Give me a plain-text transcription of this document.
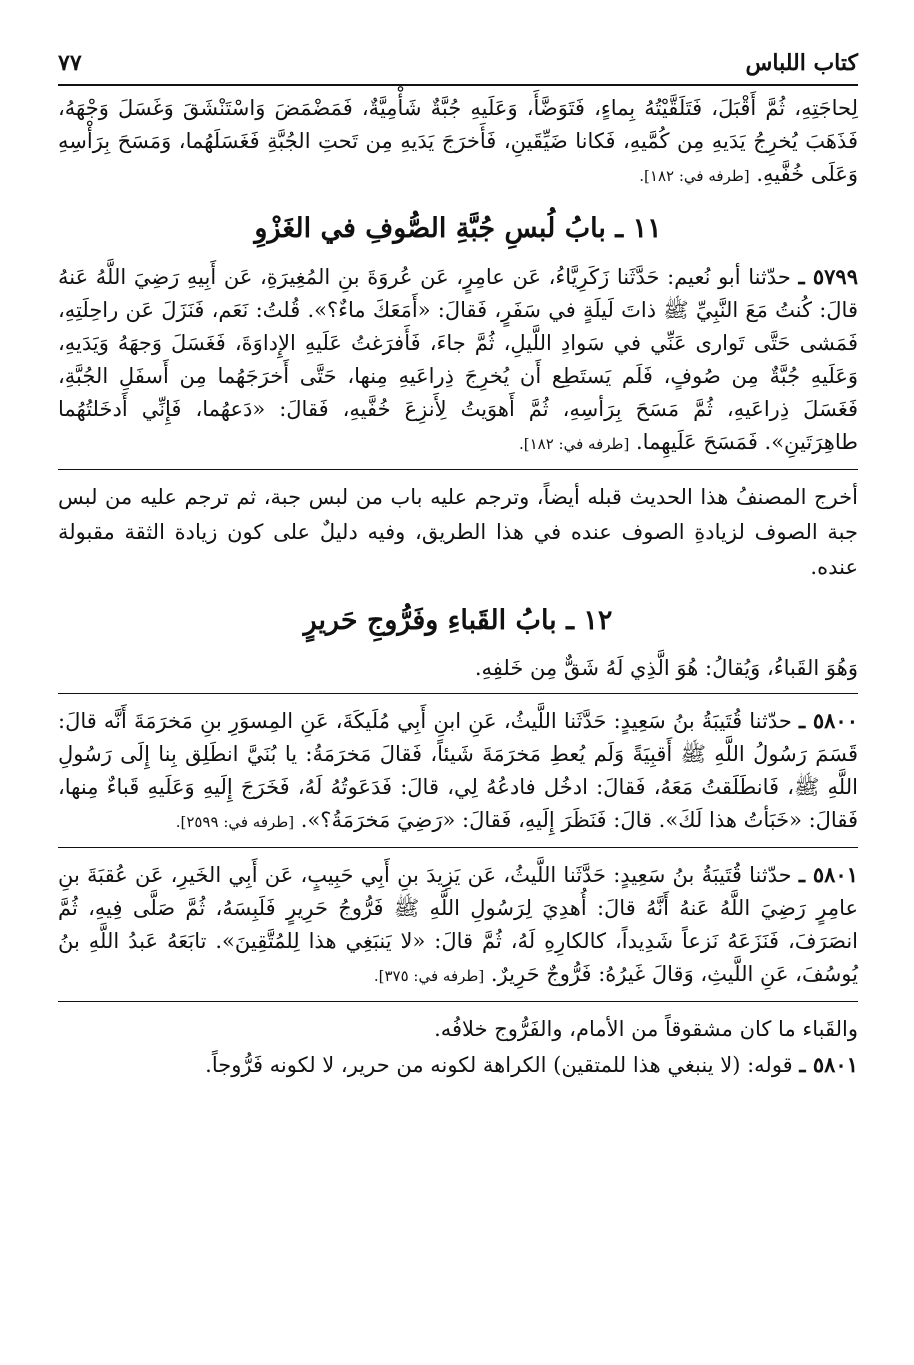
كتاب اللباس
٧٧

لِحاجَتِهِ، ثُمَّ أَقْبَلَ، فَتَلَقَّيْتُهُ بِماءٍ، فَتَوَضَّأَ، وَعَلَيهِ جُبَّةٌ شَأْمِيَّةٌ، فَمَضْمَضَ وَاسْتَنْشَقَ وَغَسَلَ وَجْهَهُ، فَذَهَبَ يُخرِجُ يَدَيهِ مِن كُمَّيهِ، فَكانا ضَيِّقَينِ، فَأَخرَجَ يَدَيهِ مِن تَحتِ الجُبَّةِ فَغَسَلَهُما، وَمَسَحَ بِرَأْسِهِ وَعَلَى خُفَّيهِ. [طرفه في: ١٨٢].

١١ ـ بابُ لُبسِ جُبَّةِ الصُّوفِ في الغَزْوِ

٥٧٩٩ ـ حدّثنا أبو نُعيم: حَدَّثَنا زَكَرِيَّاءُ، عَن عامِرٍ، عَن عُروَةَ بنِ المُغِيرَةِ، عَن أَبِيهِ رَضِيَ اللَّهُ عَنهُ قالَ: كُنتُ مَعَ النَّبِيِّ ﷺ ذاتَ لَيلَةٍ في سَفَرٍ، فَقالَ: «أَمَعَكَ ماءٌ؟». قُلتُ: نَعَم، فَنَزَلَ عَن راحِلَتِهِ، فَمَشى حَتَّى تَوارى عَنِّي في سَوادِ اللَّيلِ، ثُمَّ جاءَ، فَأَفرَغتُ عَلَيهِ الإِداوَةَ، فَغَسَلَ وَجهَهُ وَيَدَيهِ، وَعَلَيهِ جُبَّةٌ مِن صُوفٍ، فَلَم يَستَطِع أَن يُخرِجَ ذِراعَيهِ مِنها، حَتَّى أَخرَجَهُما مِن أَسفَلِ الجُبَّةِ، فَغَسَلَ ذِراعَيهِ، ثُمَّ مَسَحَ بِرَأسِهِ، ثُمَّ أَهوَيتُ لِأَنزِعَ خُفَّيهِ، فَقالَ: «دَعهُما، فَإِنِّي أَدخَلتُهُما طاهِرَتَينِ». فَمَسَحَ عَلَيهِما. [طرفه في: ١٨٢].

أخرج المصنفُ هذا الحديث قبله أيضاً، وترجم عليه باب من لبس جبة، ثم ترجم عليه من لبس جبة الصوف لزيادةِ الصوف عنده في هذا الطريق، وفيه دليلٌ على كون زيادة الثقة مقبولة عنده.

١٢ ـ بابُ القَباءِ وفَرُّوجِ حَريرٍ

وَهُوَ القَباءُ، وَيُقالُ: هُوَ الَّذِي لَهُ شَقٌّ مِن خَلفِهِ.

٥٨٠٠ ـ حدّثنا قُتَيبَةُ بنُ سَعِيدٍ: حَدَّثَنا اللَّيثُ، عَنِ ابنِ أَبِي مُلَيكَةَ، عَنِ المِسوَرِ بنِ مَخرَمَةَ أَنَّه قالَ: قَسَمَ رَسُولُ اللَّهِ ﷺ أَقبِيَةً وَلَم يُعطِ مَخرَمَةَ شَيئاً، فَقالَ مَخرَمَةُ: يا بُنَيَّ انطَلِق بِنا إِلَى رَسُولِ اللَّهِ ﷺ، فَانطَلَقتُ مَعَهُ، فَقالَ: ادخُل فادعُهُ لِي، قالَ: فَدَعَوتُهُ لَهُ، فَخَرَجَ إِلَيهِ وَعَلَيهِ قَباءٌ مِنها، فَقالَ: «خَبَأتُ هذا لَكَ». قالَ: فَنَظَرَ إِلَيهِ، فَقالَ: «رَضِيَ مَخرَمَةُ؟». [طرفه في: ٢٥٩٩].

٥٨٠١ ـ حدّثنا قُتَيبَةُ بنُ سَعِيدٍ: حَدَّثَنا اللَّيثُ، عَن يَزِيدَ بنِ أَبِي حَبِيبٍ، عَن أَبِي الخَيرِ، عَن عُقبَةَ بنِ عامِرٍ رَضِيَ اللَّهُ عَنهُ أَنَّهُ قالَ: أُهدِيَ لِرَسُولِ اللَّهِ ﷺ فَرُّوجُ حَرِيرٍ فَلَبِسَهُ، ثُمَّ صَلَّى فِيهِ، ثُمَّ انصَرَفَ، فَنَزَعَهُ نَزعاً شَدِيداً، كالكارِهِ لَهُ، ثُمَّ قالَ: «لا يَنبَغِي هذا لِلمُتَّقِينَ». تابَعَهُ عَبدُ اللَّهِ بنُ يُوسُفَ، عَنِ اللَّيثِ، وَقالَ غَيرُهُ: فَرُّوجٌ حَرِيرٌ. [طرفه في: ٣٧٥].

والقَباء ما كان مشقوقاً من الأمام، والفَرُّوج خلافُه.

٥٨٠١ ـ قوله: (لا ينبغي هذا للمتقين) الكراهة لكونه من حرير، لا لكونه فَرُّوجاً.
